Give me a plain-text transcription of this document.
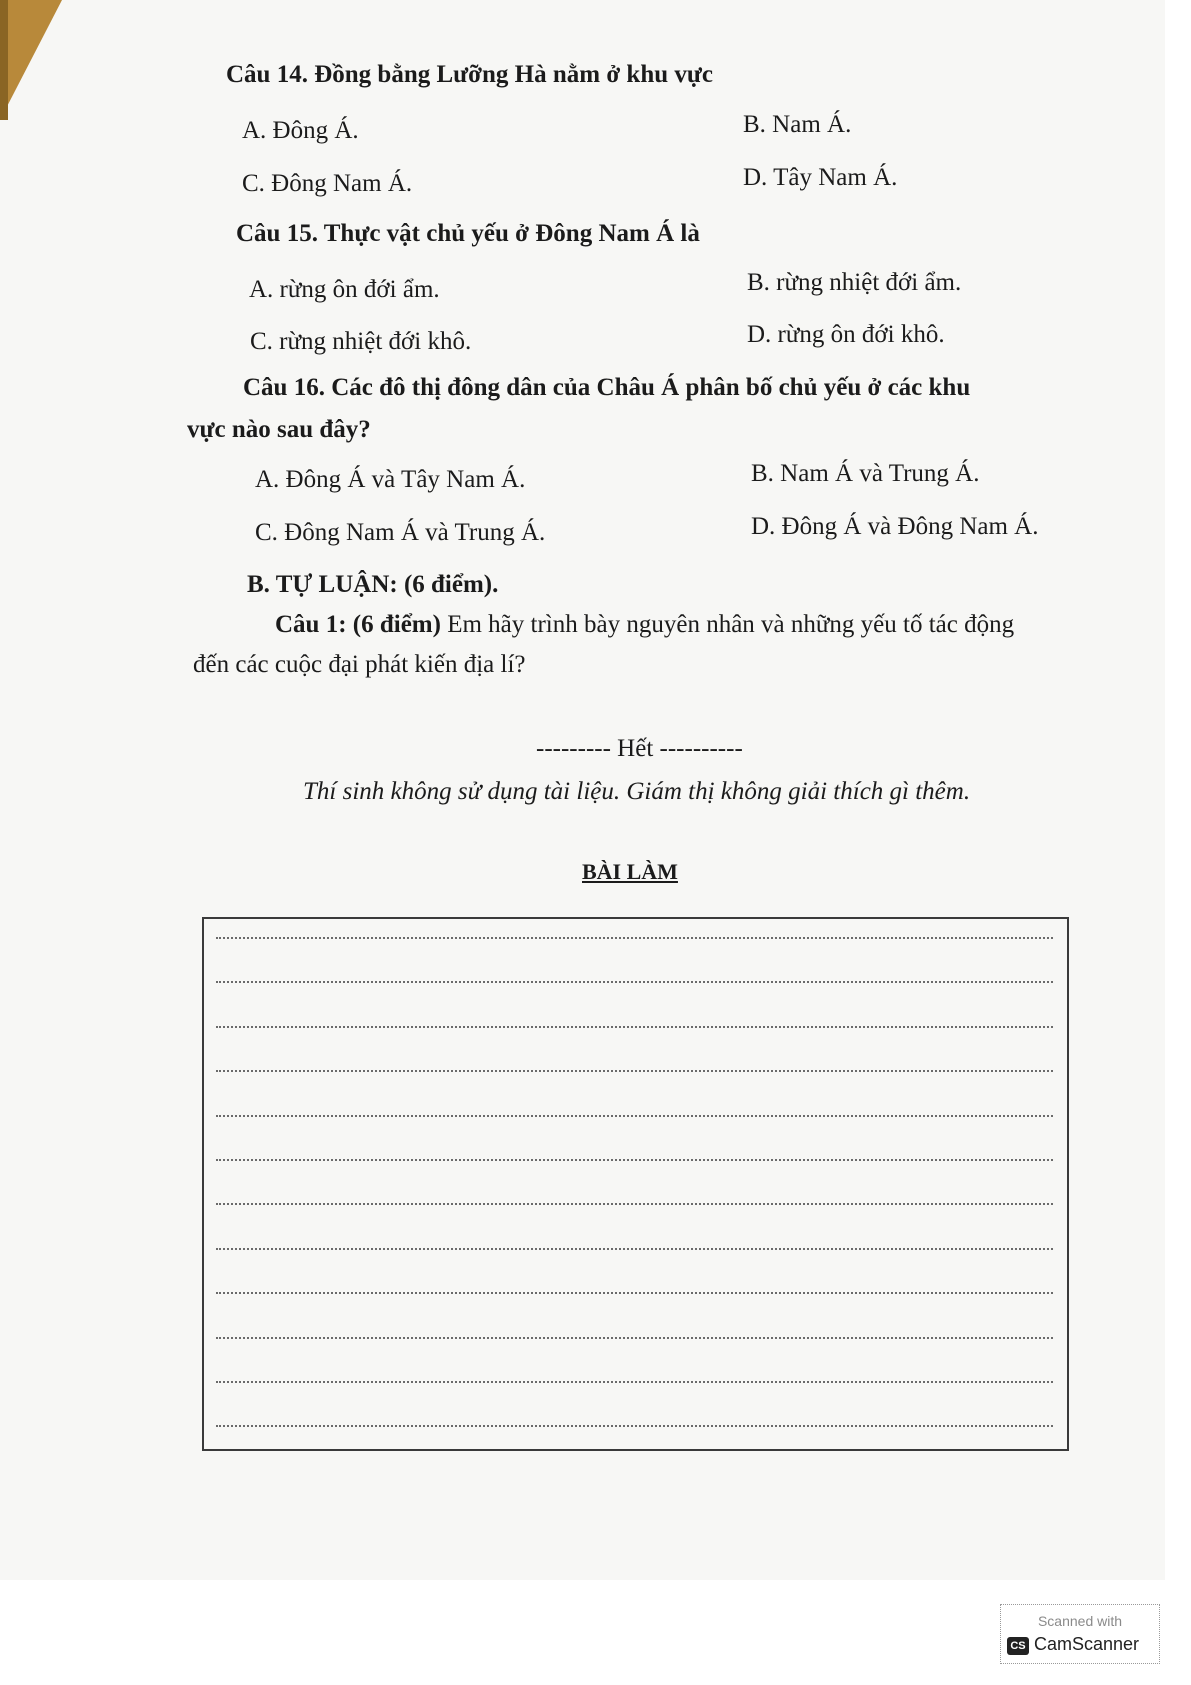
Câu 14. Đồng bằng Lưỡng Hà nằm ở khu vực
A. Đông Á.	B. Nam Á.
C. Đông Nam Á.	D. Tây Nam Á.
Câu 15. Thực vật chủ yếu ở Đông Nam Á là
A. rừng ôn đới ẩm.	B. rừng nhiệt đới ẩm.
C. rừng nhiệt đới khô.	D. rừng ôn đới khô.
Câu 16. Các đô thị đông dân của Châu Á phân bố chủ yếu ở các khu
vực nào sau đây?
A. Đông Á và Tây Nam Á.	B. Nam Á và Trung Á.
C. Đông Nam Á và Trung Á.	D. Đông Á và Đông Nam Á.
B. TỰ LUẬN: (6 điểm).
Câu 1: (6 điểm) Em hãy trình bày nguyên nhân và những yếu tố tác động
đến các cuộc đại phát kiến địa lí?
--------- Hết ----------
Thí sinh không sử dụng tài liệu. Giám thị không giải thích gì thêm.
BÀI LÀM
Scanned with
CS CamScanner
